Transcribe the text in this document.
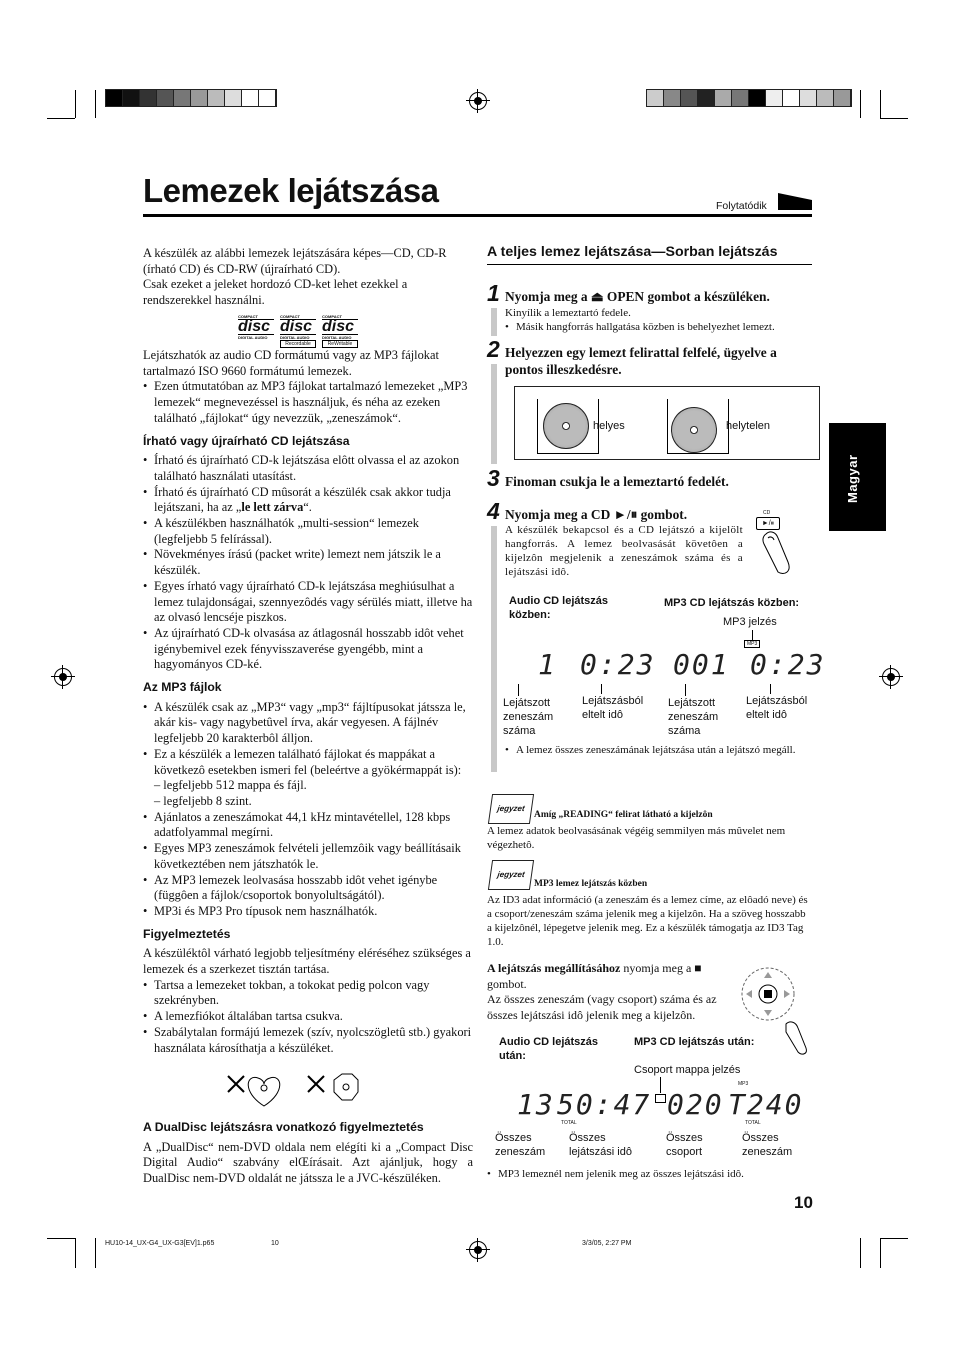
Lemezek lejátszása	Folytatódik
Magyar
A készülék az alábbi lemezek lejátszására képes—CD, CD-R (írható CD) és CD-RW (újraírható CD).
Csak ezeket a jeleket hordozó CD-ket lehet ezekkel a rendszerekkel használni.
COMPACT
disc
DIGITAL AUDIO
COMPACT
disc
DIGITAL AUDIO
Recordable
COMPACT
disc
DIGITAL AUDIO
ReWritable
Lejátszhatók az audio CD formátumú vagy az MP3 fájlokat tartalmazó ISO 9660 formátumú lemezek.
• Ezen útmutatóban az MP3 fájlokat tartalmazó lemezeket „MP3 lemezek“ megnevezéssel is használjuk, és néha az ezeken található „fájlokat“ úgy nevezzük, „zeneszámok“.
Írható vagy újraírható CD lejátszása
• Írható és újraírható CD-k lejátszása elôtt olvassa el az azokon található használati utasítást.
• Írható és újraírható CD mûsorát a készülék csak akkor tudja lejátszani, ha az „le lett zárva“.
• A készülékben használhatók „multi-session“ lemezek (legfeljebb 5 felírással).
• Növekményes írású (packet write) lemezt nem játszik le a készülék.
• Egyes írható vagy újraírható CD-k lejátszása meghiúsulhat a lemez tulajdonságai, szennyezôdés vagy sérülés miatt, illetve ha az olvasó lencséje piszkos.
• Az újraírható CD-k olvasása az átlagosnál hosszabb idôt vehet igénybemivel ezek fényvisszaverése gyengébb, mint a hagyományos CD-ké.
Az MP3 fájlok
• A készülék csak az „MP3“ vagy „mp3“ fájltípusokat játssza le, akár kis- vagy nagybetûvel írva, akár vegyesen. A fájlnév legfeljebb 20 karakterbôl álljon.
• Ez a készülék a lemezen található fájlokat és mappákat a következô esetekben ismeri fel (beleértve a gyökérmappát is):
– legfeljebb 512 mappa és fájl.
– legfeljebb 8 szint.
• Ajánlatos a zeneszámokat 44,1 kHz mintavétellel, 128 kbps adatfolyammal megírni.
• Egyes MP3 zeneszámok felvételi jellemzôik vagy beállításaik következtében nem játszhatók le.
• Az MP3 lemezek leolvasása hosszabb idôt vehet igénybe (függôen a fájlok/csoportok bonyolultságától).
• MP3i és MP3 Pro típusok nem használhatók.
Figyelmeztetés
A készüléktôl várható legjobb teljesítmény eléréséhez szükséges a lemezek és a szerkezet tisztán tartása.
• Tartsa a lemezeket tokban, a tokokat pedig polcon vagy szekrényben.
• A lemezfiókot általában tartsa csukva.
• Szabálytalan formájú lemezek (szív, nyolcszögletû stb.) gyakori használata károsíthatja a készüléket.
A DualDisc lejátszásra vonatkozó figyelmeztetés
A „DualDisc“ nem-DVD oldala nem elégíti ki a „Compact Disc Digital Audio“ szabvány elŒírásait. Azt ajánljuk, hogy a DualDisc nem-DVD oldalát ne játssza le a JVC-készüléken.
A teljes lemez lejátszása—Sorban lejátszás
1 Nyomja meg a ⏏ OPEN gombot a készüléken.
Kinyílik a lemeztartó fedele.
• Másik hangforrás hallgatása közben is behelyezhet lemezt.
2 Helyezzen egy lemezt felirattal felfelé, ügyelve a pontos illeszkedésre.
helyes	helytelen
3 Finoman csukja le a lemeztartó fedelét.
4 Nyomja meg a CD ►/⏸ gombot.
A készülék bekapcsol és a CD lejátszó a kijelölt hangforrás. A lemez beolvasását követôen a kijelzôn megjelenik a zeneszámok száma és a lejátszási idô.
CD
►/⏸
Audio CD lejátszás közben:
MP3 CD lejátszás közben:
MP3 jelzés
MP3
1 0:23 001 0:23
Lejátszott zeneszám száma
Lejátszásból eltelt idô
Lejátszott zeneszám száma
Lejátszásból eltelt idô
• A lemez összes zeneszámának lejátszása után a lejátszó megáll.
jegyzet
Amíg „READING“ felirat látható a kijelzôn
A lemez adatok beolvasásának végéig semmilyen más mûvelet nem végezhetô.
jegyzet
MP3 lemez lejátszás közben
Az ID3 adat információ (a zeneszám és a lemez címe, az elôadó neve) és a csoport/zeneszám száma jelenik meg a kijelzôn. Ha a szöveg hosszabb a kijelzônél, lépegetve jelenik meg. Ez a készülék támogatja az ID3 Tag 1.0.
A lejátszás megállításához nyomja meg a ■ gombot.
Az összes zeneszám (vagy csoport) száma és az összes lejátszási idô jelenik meg a kijelzôn.
Audio CD lejátszás után:
MP3 CD lejátszás után:
Csoport mappa jelzés
MP3
13 50:47 020 T240
TOTAL	TOTAL
Összes zeneszám
Összes lejátszási idô
Összes csoport
Összes zeneszám
• MP3 lemeznél nem jelenik meg az összes lejátszási idô.
10
HU10-14_UX-G4_UX-G3[EV]1.p65	10	3/3/05, 2:27 PM
